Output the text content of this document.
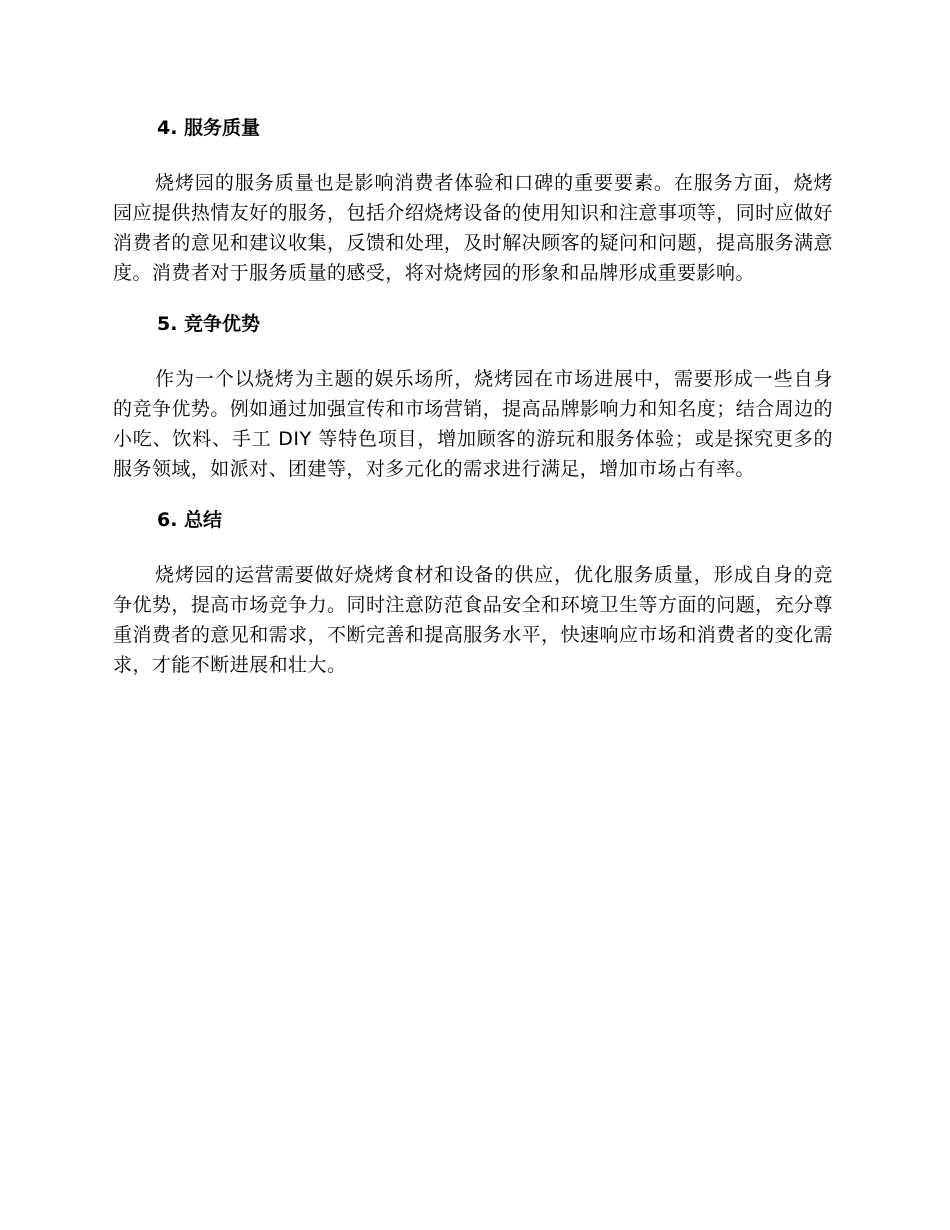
4. 服务质量

烧烤园的服务质量也是影响消费者体验和口碑的重要要素。在服务方面，烧烤园应提供热情友好的服务，包括介绍烧烤设备的使用知识和注意事项等，同时应做好消费者的意见和建议收集，反馈和处理，及时解决顾客的疑问和问题，提高服务满意度。消费者对于服务质量的感受，将对烧烤园的形象和品牌形成重要影响。

5. 竞争优势

作为一个以烧烤为主题的娱乐场所，烧烤园在市场进展中，需要形成一些自身的竞争优势。例如通过加强宣传和市场营销，提高品牌影响力和知名度；结合周边的小吃、饮料、手工 DIY 等特色项目，增加顾客的游玩和服务体验；或是探究更多的服务领域，如派对、团建等，对多元化的需求进行满足，增加市场占有率。

6. 总结

烧烤园的运营需要做好烧烤食材和设备的供应，优化服务质量，形成自身的竞争优势，提高市场竞争力。同时注意防范食品安全和环境卫生等方面的问题，充分尊重消费者的意见和需求，不断完善和提高服务水平，快速响应市场和消费者的变化需求，才能不断进展和壮大。
